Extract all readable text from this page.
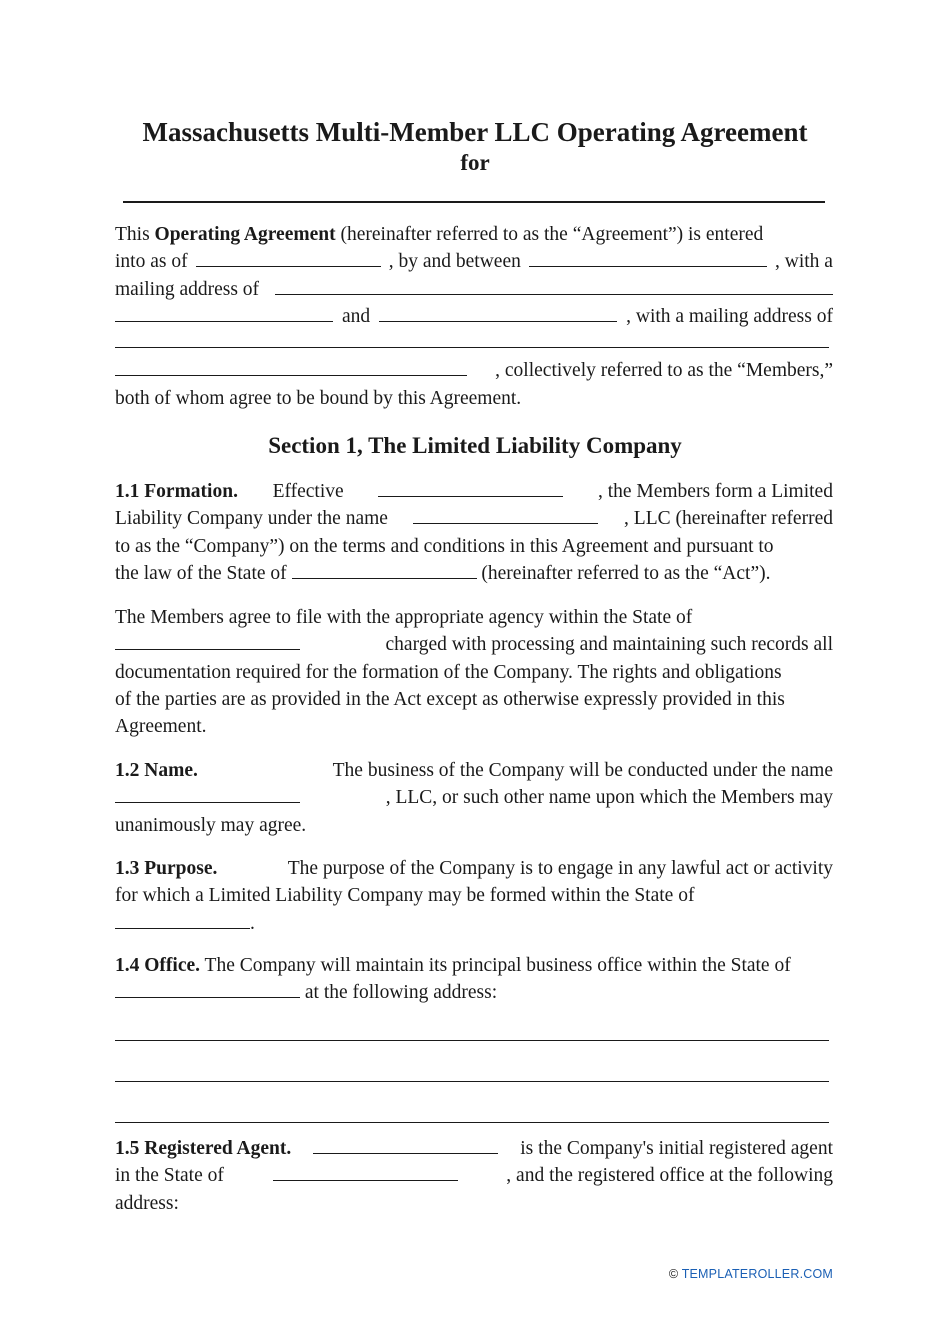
Massachusetts Multi-Member LLC Operating Agreement
for
This Operating Agreement (hereinafter referred to as the “Agreement”) is entered
into as of	, by and between	, with a
mailing address of
and	, with a mailing address of
, collectively referred to as the “Members,”
both of whom agree to be bound by this Agreement.
Section 1, The Limited Liability Company
1.1 Formation. Effective	, the Members form a Limited
Liability Company under the name	, LLC (hereinafter referred
to as the “Company”) on the terms and conditions in this Agreement and pursuant to
the law of the State of

	(hereinafter referred to as the “Act”).
The Members agree to file with the appropriate agency within the State of
charged with processing and maintaining such records all
documentation required for the formation of the Company. The rights and obligations
of the parties are as provided in the Act except as otherwise expressly provided in this
Agreement.
1.2 Name.	The business of the Company will be conducted under the name
, LLC, or such other name upon which the Members may
unanimously may agree.
1.3 Purpose.	The purpose of the Company is to engage in any lawful act or activity
for which a Limited Liability Company may be formed within the State of
.
1.4 Office. The Company will maintain its principal business office within the State of

at the following address:
1.5 Registered Agent.	is the Company's initial registered agent
in the State of	, and the registered office at the following
address:
© TEMPLATEROLLER.COM
